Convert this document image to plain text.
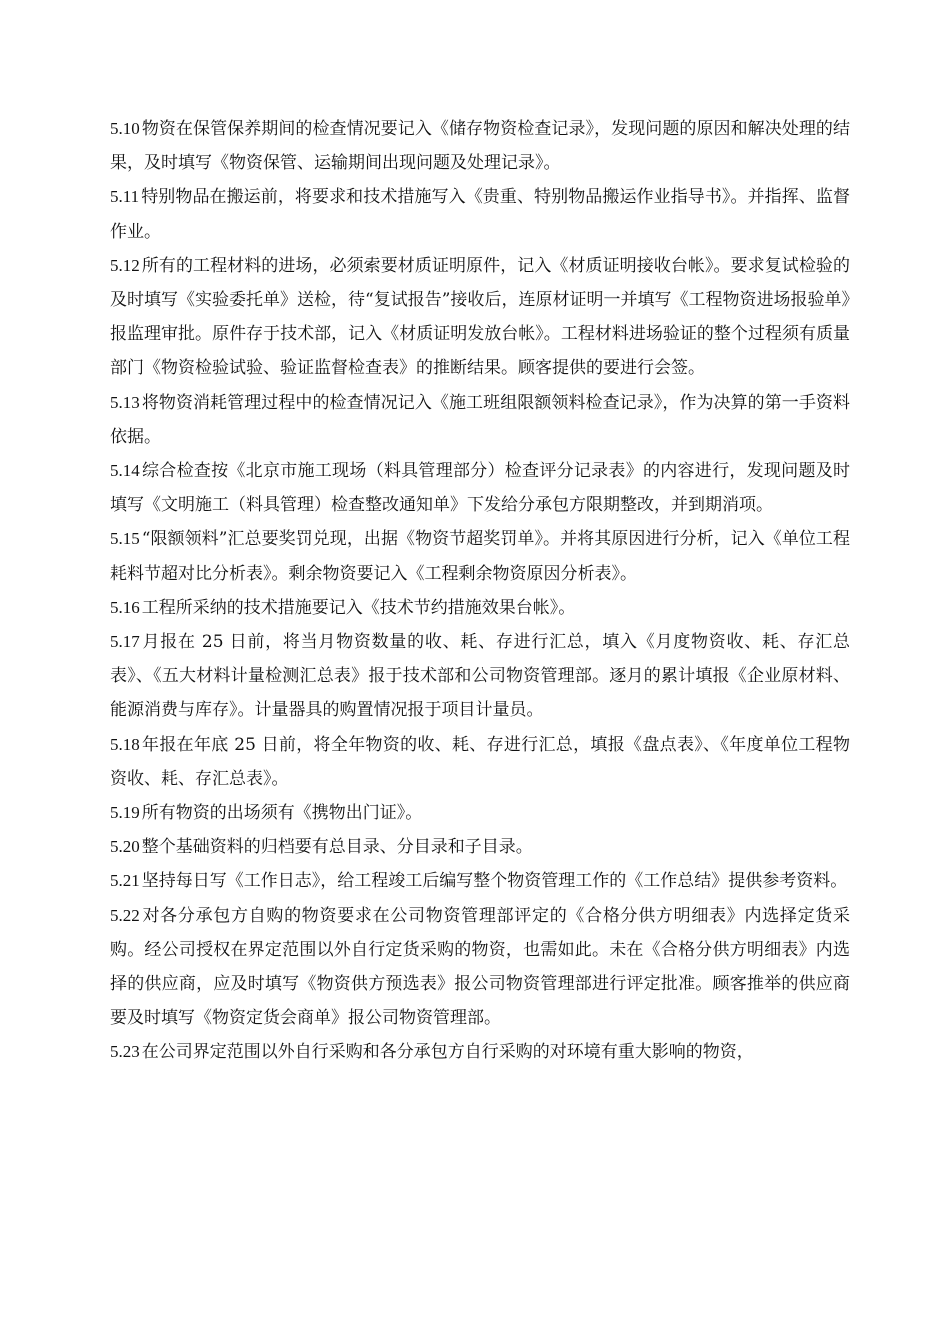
5.10 物资在保管保养期间的检查情况要记入《储存物资检查记录》，发现问题的原因和解决处理的结果，及时填写《物资保管、运输期间出现问题及处理记录》。

5.11 特别物品在搬运前，将要求和技术措施写入《贵重、特别物品搬运作业指导书》。并指挥、监督作业。

5.12 所有的工程材料的进场，必须索要材质证明原件，记入《材质证明接收台帐》。要求复试检验的及时填写《实验委托单》送检，待“复试报告”接收后，连原材证明一并填写《工程物资进场报验单》报监理审批。原件存于技术部，记入《材质证明发放台帐》。工程材料进场验证的整个过程须有质量部门《物资检验试验、验证监督检查表》的推断结果。顾客提供的要进行会签。

5.13 将物资消耗管理过程中的检查情况记入《施工班组限额领料检查记录》，作为决算的第一手资料依据。

5.14 综合检查按《北京市施工现场（料具管理部分）检查评分记录表》的内容进行，发现问题及时填写《文明施工（料具管理）检查整改通知单》下发给分承包方限期整改，并到期消项。

5.15 “限额领料”汇总要奖罚兑现，出据《物资节超奖罚单》。并将其原因进行分析，记入《单位工程耗料节超对比分析表》。剩余物资要记入《工程剩余物资原因分析表》。

5.16 工程所采纳的技术措施要记入《技术节约措施效果台帐》。

5.17 月报在 25 日前，将当月物资数量的收、耗、存进行汇总，填入《月度物资收、耗、存汇总表》、《五大材料计量检测汇总表》报于技术部和公司物资管理部。逐月的累计填报《企业原材料、能源消费与库存》。计量器具的购置情况报于项目计量员。

5.18 年报在年底 25 日前，将全年物资的收、耗、存进行汇总，填报《盘点表》、《年度单位工程物资收、耗、存汇总表》。

5.19 所有物资的出场须有《携物出门证》。

5.20 整个基础资料的归档要有总目录、分目录和子目录。

5.21 坚持每日写《工作日志》，给工程竣工后编写整个物资管理工作的《工作总结》提供参考资料。

5.22 对各分承包方自购的物资要求在公司物资管理部评定的《合格分供方明细表》内选择定货采购。经公司授权在界定范围以外自行定货采购的物资，也需如此。未在《合格分供方明细表》内选择的供应商，应及时填写《物资供方预选表》报公司物资管理部进行评定批准。顾客推举的供应商要及时填写《物资定货会商单》报公司物资管理部。

5.23 在公司界定范围以外自行采购和各分承包方自行采购的对环境有重大影响的物资，
